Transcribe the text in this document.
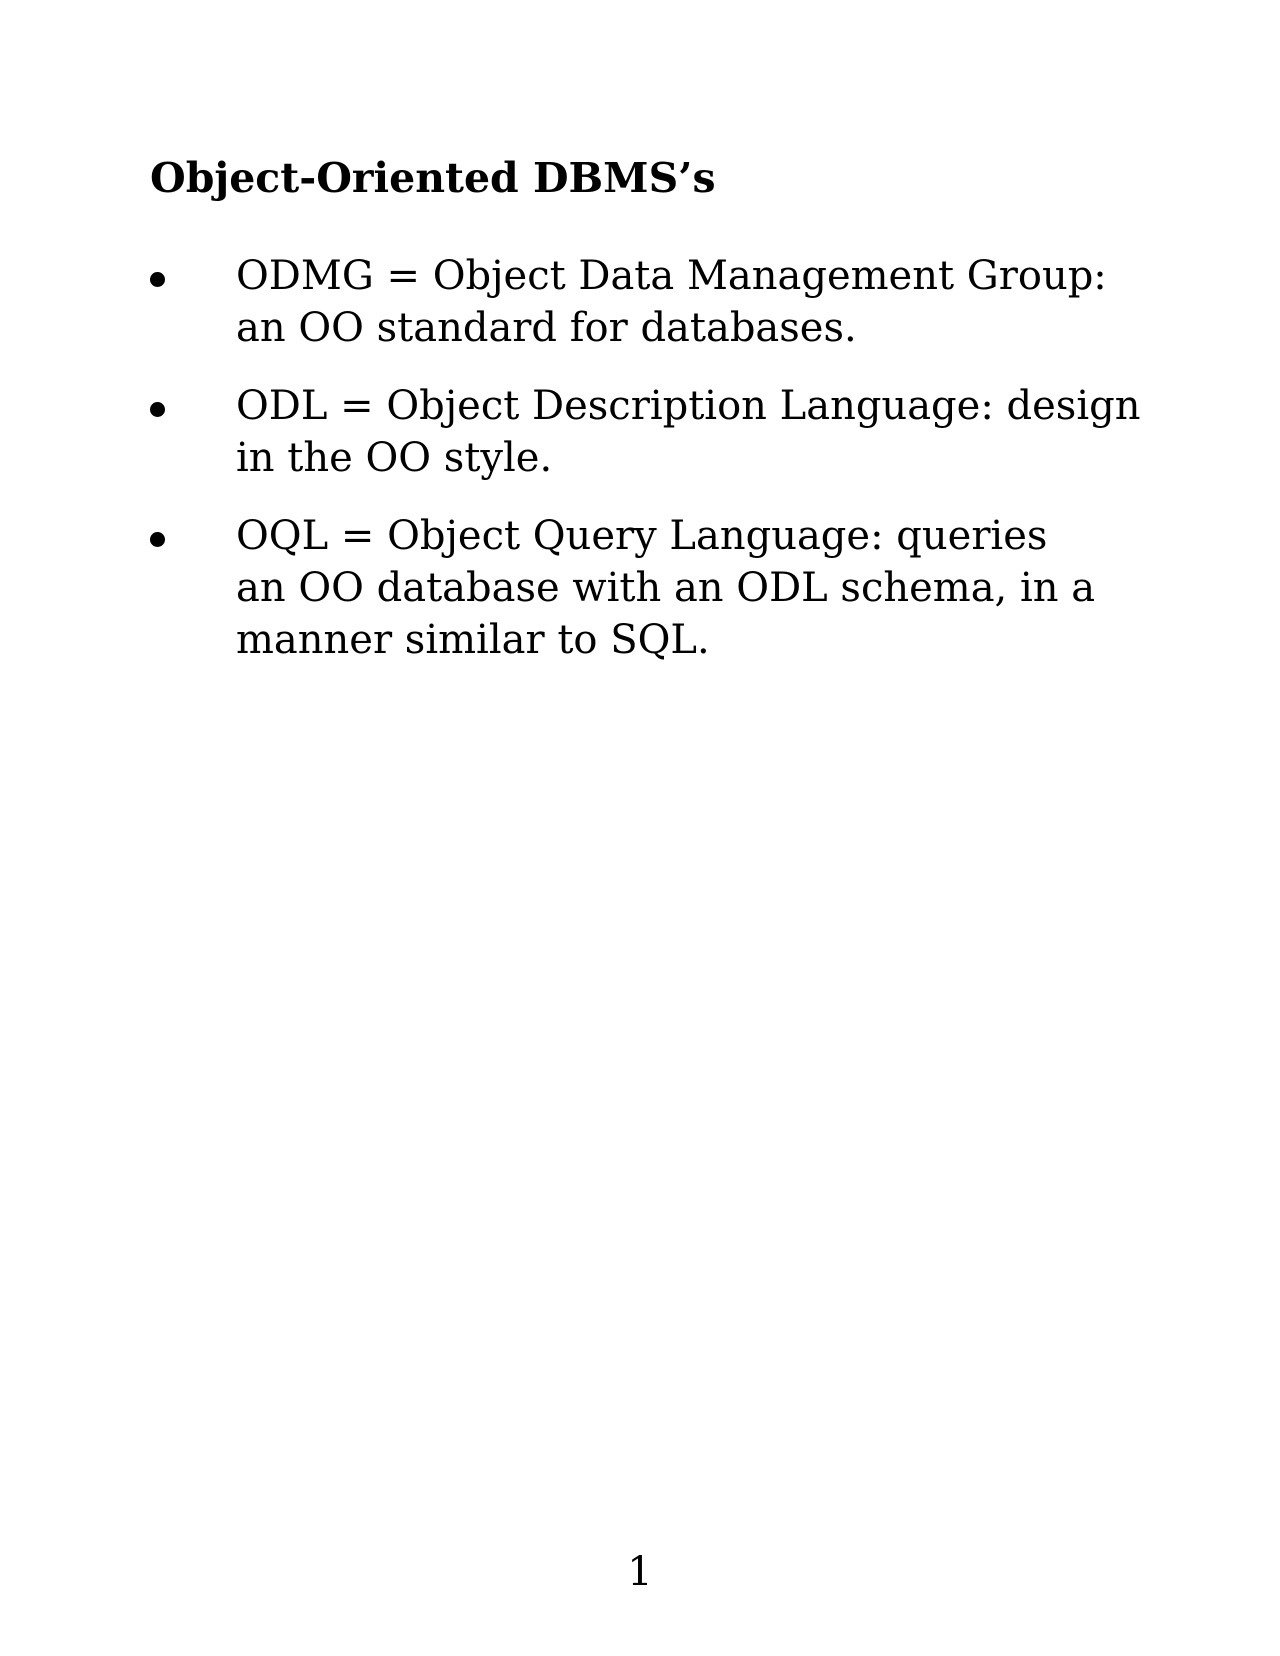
Object-Oriented DBMS’s
ODMG = Object Data Management Group:
an OO standard for databases.
ODL = Object Description Language: design
in the OO style.
OQL = Object Query Language: queries
an OO database with an ODL schema, in a
manner similar to SQL.
1
